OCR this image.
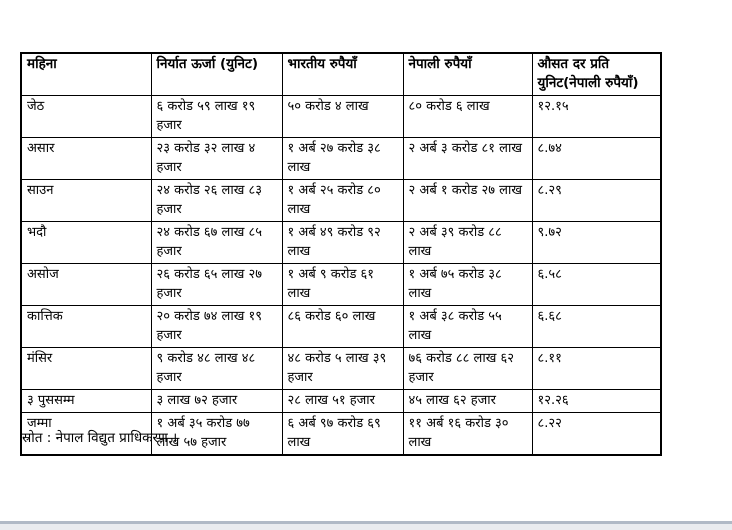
महिना	निर्यात ऊर्जा (युनिट)	भारतीय रुपैयाँ	नेपाली रुपैयाँ	औसत दर प्रति युनिट(नेपाली रुपैयाँ)
जेठ	६ करोड ५९ लाख १९ हजार	५० करोड ४ लाख	८० करोड ६ लाख	१२.१५
असार	२३ करोड ३२ लाख ४ हजार	१ अर्ब २७ करोड ३८ लाख	२ अर्ब ३ करोड ८१ लाख	८.७४
साउन	२४ करोड २६ लाख ८३ हजार	१ अर्ब २५ करोड ८० लाख	२ अर्ब १ करोड २७ लाख	८.२९
भदौ	२४ करोड ६७ लाख ८५ हजार	१ अर्ब ४९ करोड ९२ लाख	२ अर्ब ३९ करोड ८८ लाख	९.७२
असोज	२६ करोड ६५ लाख २७ हजार	१ अर्ब ९ करोड ६१ लाख	१ अर्ब ७५ करोड ३८ लाख	६.५८
कात्तिक	२० करोड ७४ लाख १९ हजार	८६ करोड ६० लाख	१ अर्ब ३८ करोड ५५ लाख	६.६८
मंसिर	९ करोड ४८ लाख ४८ हजार	४८ करोड ५ लाख ३९ हजार	७६ करोड ८८ लाख ६२ हजार	८.११
३ पुससम्म	३ लाख ७२ हजार	२८ लाख ५१ हजार	४५ लाख ६२ हजार	१२.२६
जम्मा	१ अर्ब ३५ करोड ७७ लाख ५७ हजार	६ अर्ब ९७ करोड ६९ लाख	११ अर्ब १६ करोड ३० लाख	८.२२
स्रोत : नेपाल विद्युत प्राधिकरण ।
